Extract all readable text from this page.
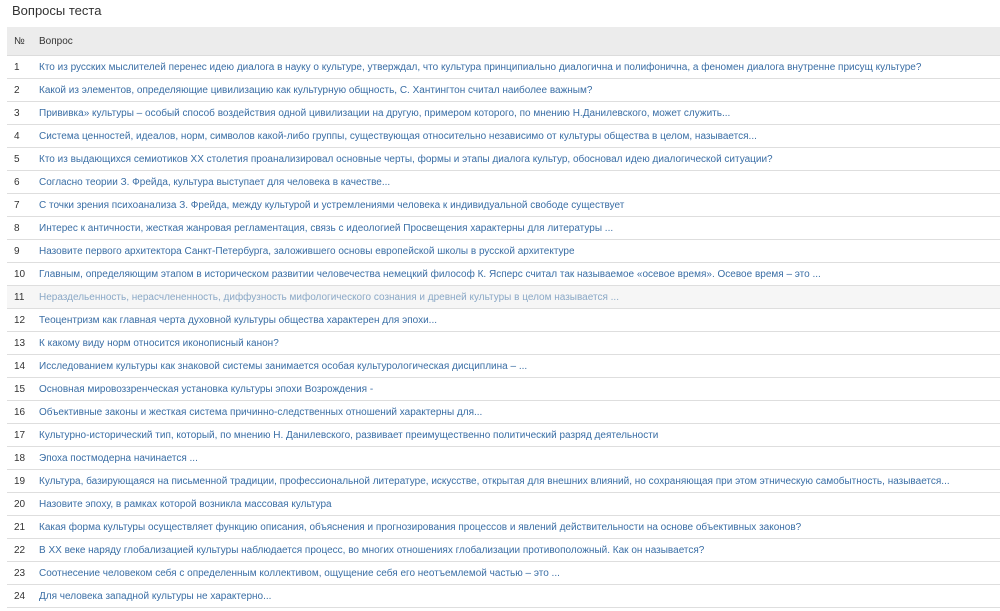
Вопросы теста
№	Вопрос
1	Кто из русских мыслителей перенес идею диалога в науку о культуре, утверждал, что культура принципиально диалогична и полифонична, а феномен диалога внутренне присущ культуре?
2	Какой из элементов, определяющие цивилизацию как культурную общность, С. Хантингтон считал наиболее важным?
3	Прививка» культуры – особый способ воздействия одной цивилизации на другую, примером которого, по мнению Н.Данилевского, может служить...
4	Система ценностей, идеалов, норм, символов какой-либо группы, существующая относительно независимо от культуры общества в целом, называется...
5	Кто из выдающихся семиотиков XX столетия проанализировал основные черты, формы и этапы диалога культур, обосновал идею диалогической ситуации?
6	Согласно теории З. Фрейда, культура выступает для человека в качестве...
7	С точки зрения психоанализа З. Фрейда, между культурой и устремлениями человека к индивидуальной свободе существует
8	Интерес к античности, жесткая жанровая регламентация, связь с идеологией Просвещения характерны для литературы ...
9	Назовите первого архитектора Санкт-Петербурга, заложившего основы европейской школы в русской архитектуре
10	Главным, определяющим этапом в историческом развитии человечества немецкий философ К. Ясперс считал так называемое «осевое время». Осевое время – это ...
11	Нераздельенность, нерасчлененность, диффузность мифологического сознания и древней культуры в целом называется ...
12	Теоцентризм как главная черта духовной культуры общества характерен для эпохи...
13	К какому виду норм относится иконописный канон?
14	Исследованием культуры как знаковой системы занимается особая культурологическая дисциплина – ...
15	Основная мировоззренческая установка культуры эпохи Возрождения -
16	Объективные законы и жесткая система причинно-следственных отношений характерны для...
17	Культурно-исторический тип, который, по мнению Н. Данилевского, развивает преимущественно политический разряд деятельности
18	Эпоха постмодерна начинается ...
19	Культура, базирующаяся на письменной традиции, профессиональной литературе, искусстве, открытая для внешних влияний, но сохраняющая при этом этническую самобытность, называется...
20	Назовите эпоху, в рамках которой возникла массовая культура
21	Какая форма культуры осуществляет функцию описания, объяснения и прогнозирования процессов и явлений действительности на основе объективных законов?
22	В XX веке наряду глобализацией культуры наблюдается процесс, во многих отношениях глобализации противоположный. Как он называется?
23	Соотнесение человеком себя с определенным коллективом, ощущение себя его неотъемлемой частью – это ...
24	Для человека западной культуры не характерно...
